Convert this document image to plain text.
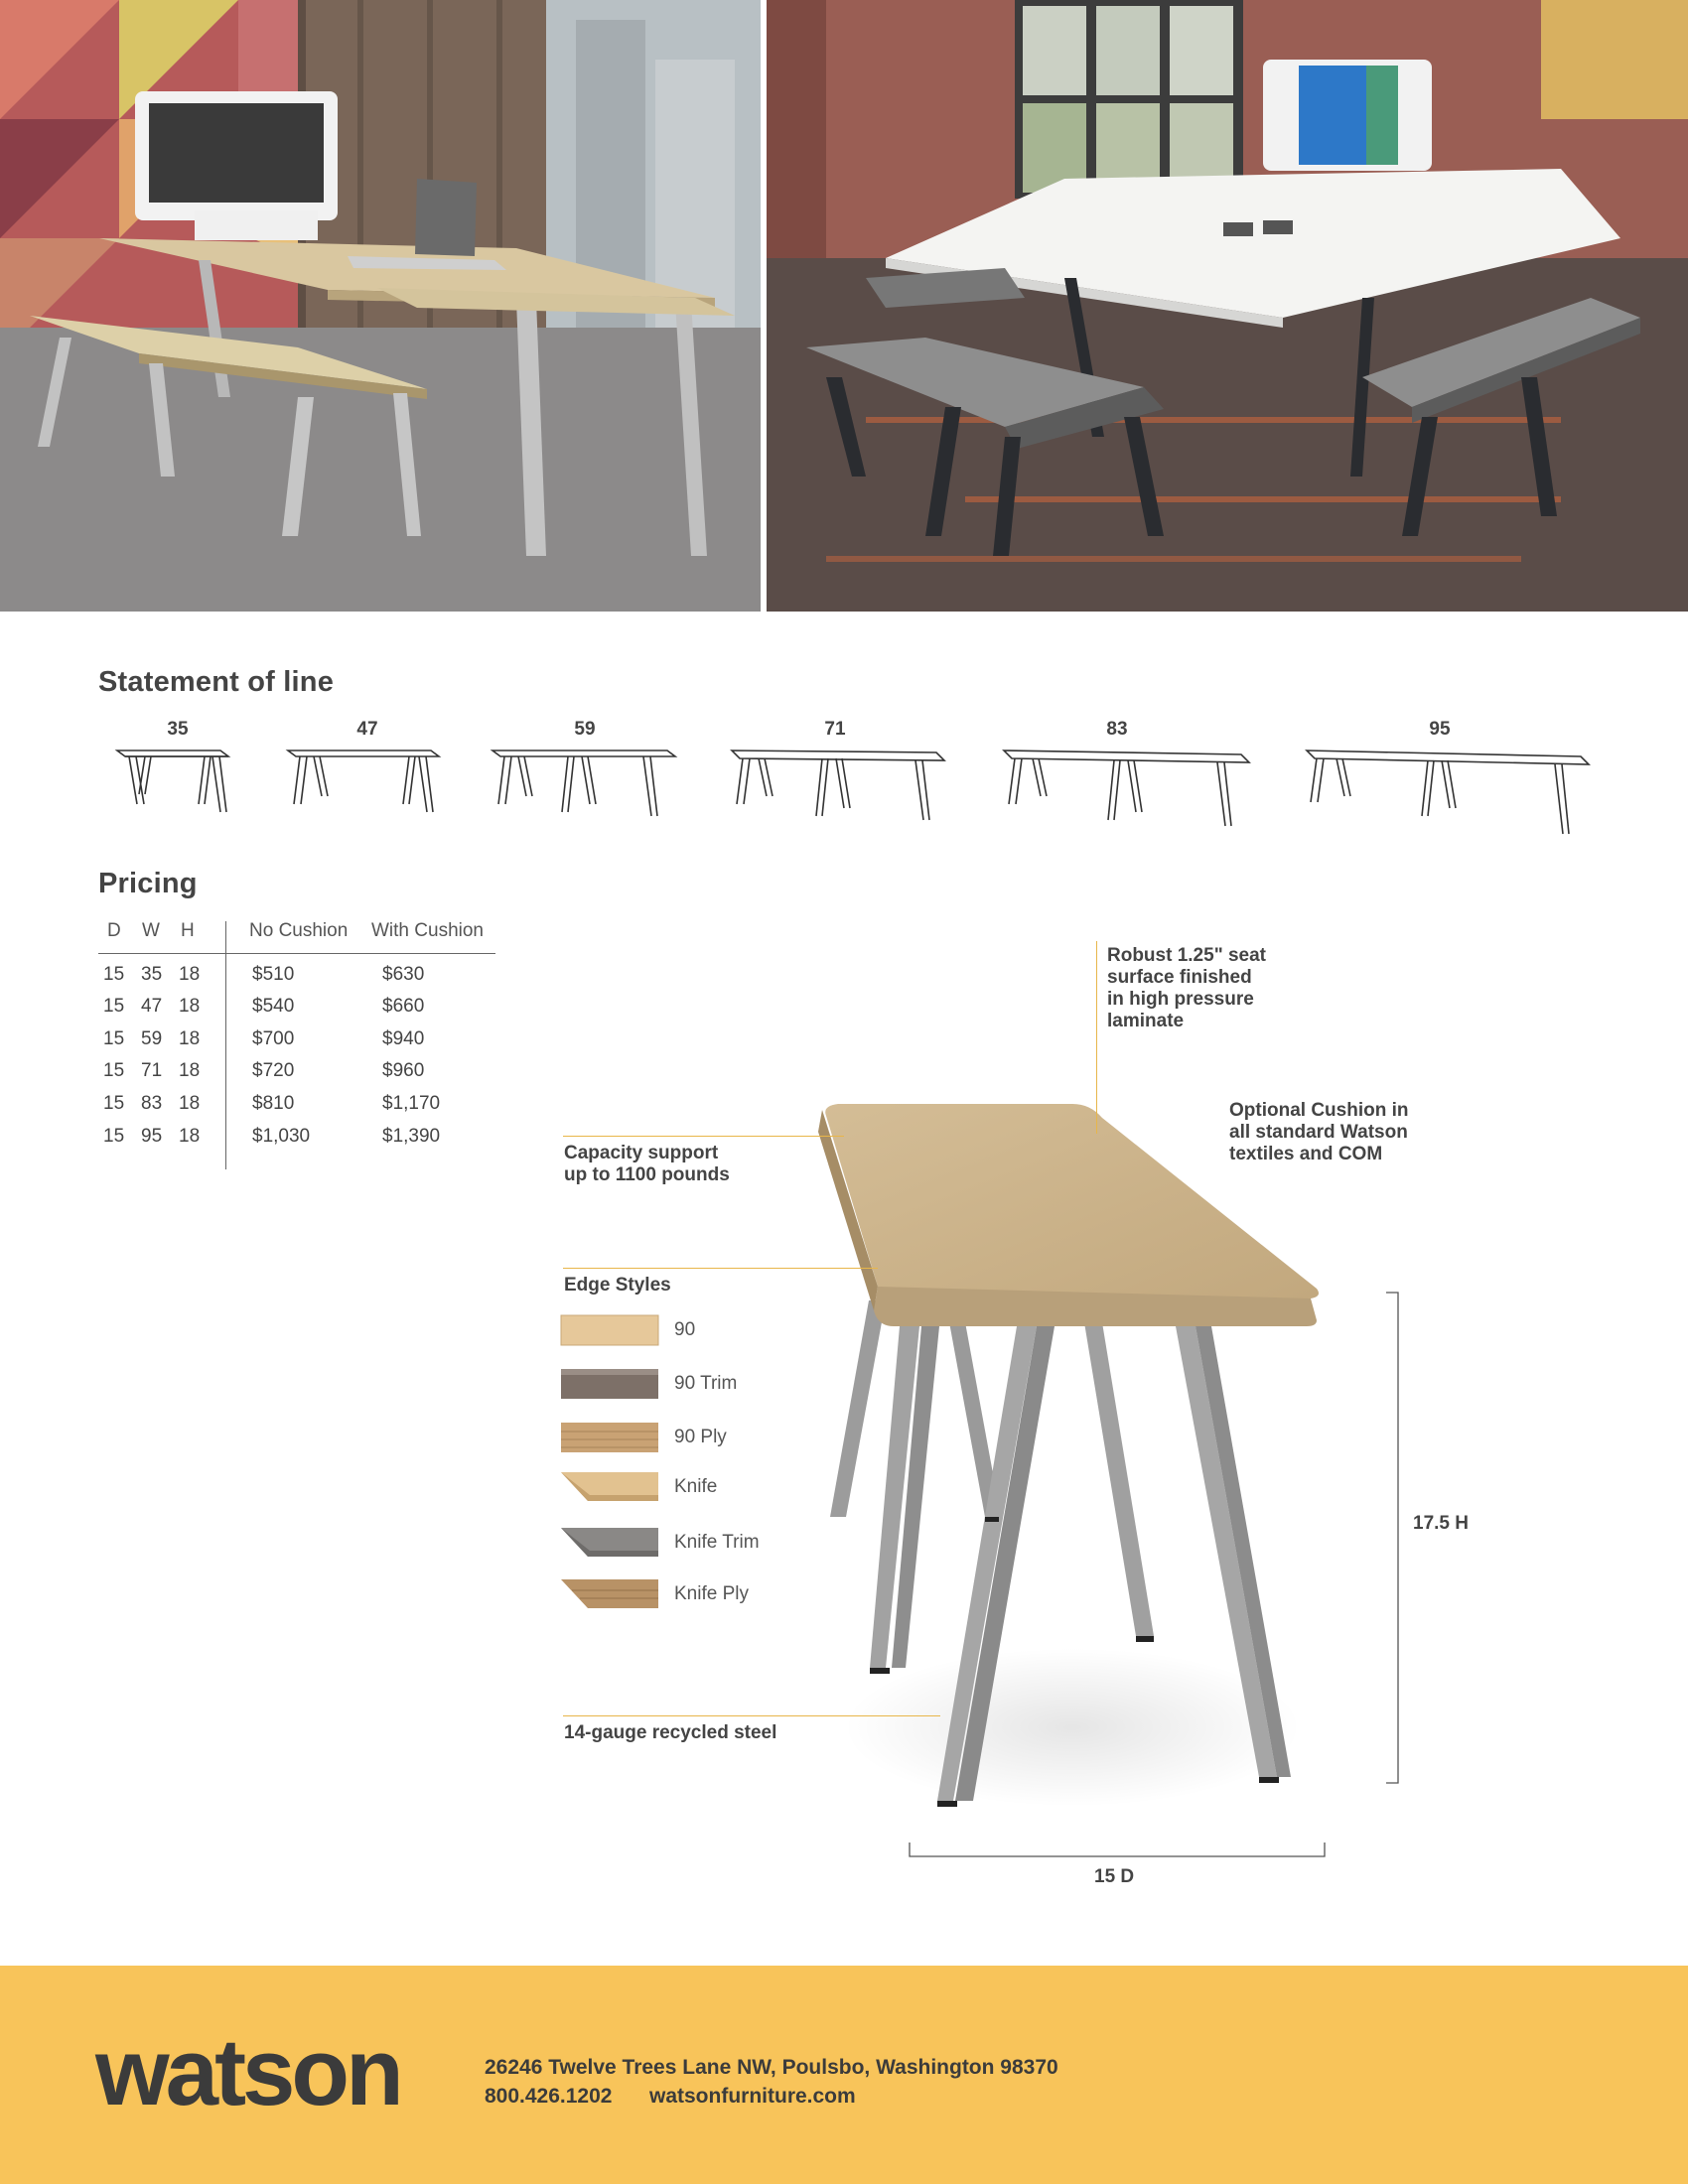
Statement of line
35	47	59	71	83	95
Pricing
D W H	No Cushion With Cushion
15 35 18	$510	$630
15 47 18	$540	$660
15 59 18	$700	$940
15 71 18	$720	$960
15 83 18	$810	$1,170
15 95 18	$1,030	$1,390
Robust 1.25" seat
surface finished
in high pressure
laminate
Optional Cushion in
all standard Watson
textiles and COM
Capacity support
up to 1100 pounds
14-gauge recycled steel
17.5 H
15 D
Edge Styles
90
90 Trim
90 Ply
Knife
Knife Trim
Knife Ply
watson	26246 Twelve Trees Lane NW, Poulsbo, Washington 98370
800.426.1202 watsonfurniture.com
